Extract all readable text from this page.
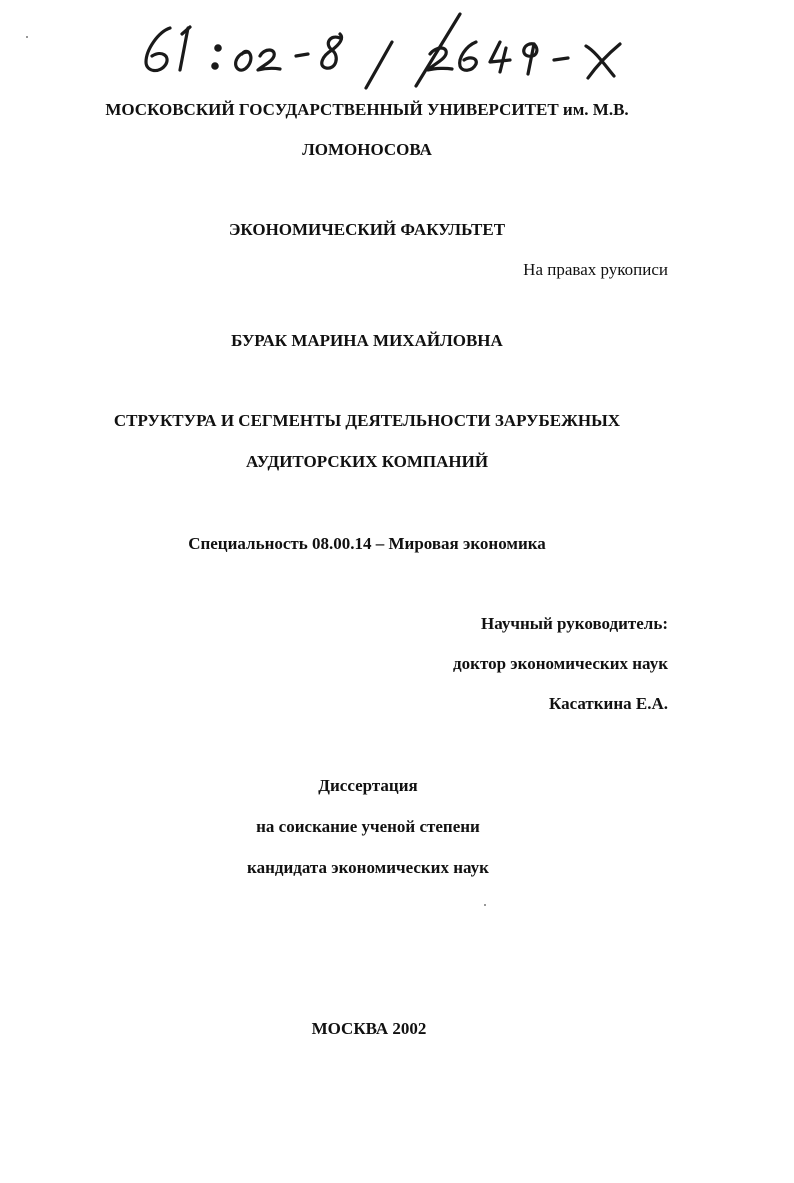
МОСКОВСКИЙ ГОСУДАРСТВЕННЫЙ УНИВЕРСИТЕТ им. М.В.
ЛОМОНОСОВА
ЭКОНОМИЧЕСКИЙ ФАКУЛЬТЕТ
На правах рукописи
БУРАК МАРИНА МИХАЙЛОВНА
СТРУКТУРА И СЕГМЕНТЫ ДЕЯТЕЛЬНОСТИ ЗАРУБЕЖНЫХ
АУДИТОРСКИХ КОМПАНИЙ
Специальность 08.00.14 – Мировая экономика
Научный руководитель:
доктор экономических наук
Касаткина Е.А.
Диссертация
на соискание ученой степени
кандидата экономических наук
МОСКВА 2002
